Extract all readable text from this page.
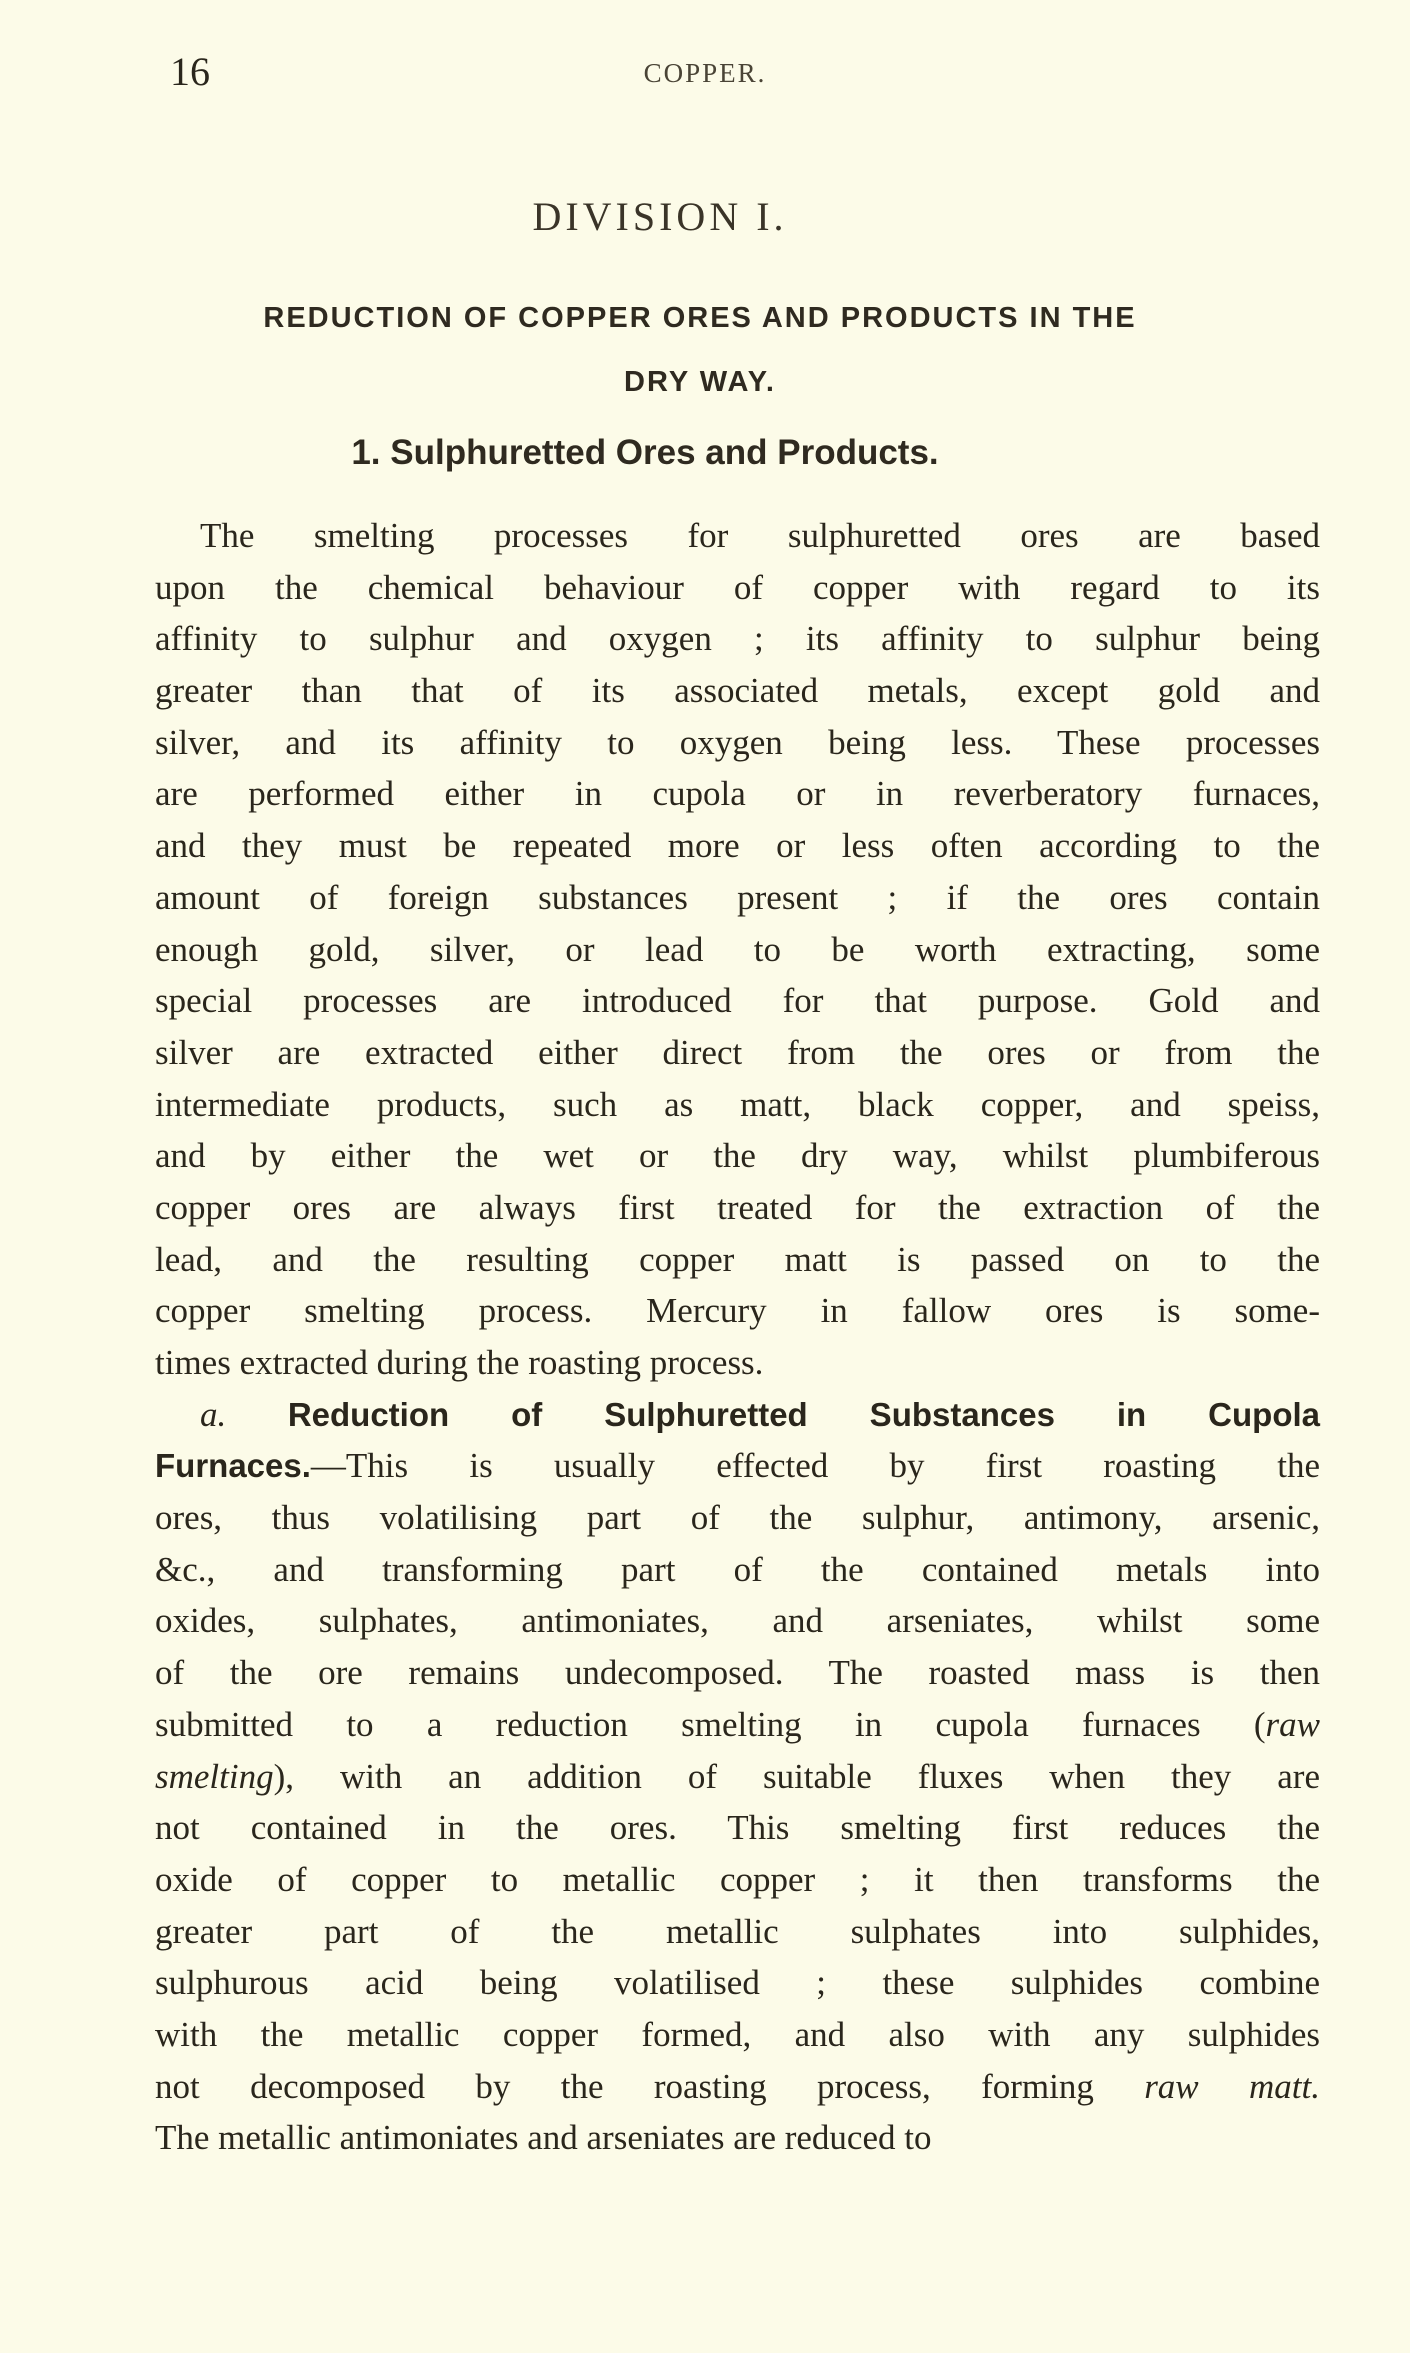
16	COPPER.
DIVISION I.
REDUCTION OF COPPER ORES AND PRODUCTS IN THE
DRY WAY.
1. Sulphuretted Ores and Products.
The smelting processes for sulphuretted ores are based
upon the chemical behaviour of copper with regard to its
affinity to sulphur and oxygen ; its affinity to sulphur being
greater than that of its associated metals, except gold and
silver, and its affinity to oxygen being less. These processes
are performed either in cupola or in reverberatory furnaces,
and they must be repeated more or less often according to the
amount of foreign substances present ; if the ores contain
enough gold, silver, or lead to be worth extracting, some
special processes are introduced for that purpose. Gold and
silver are extracted either direct from the ores or from the
intermediate products, such as matt, black copper, and speiss,
and by either the wet or the dry way, whilst plumbiferous
copper ores are always first treated for the extraction of the
lead, and the resulting copper matt is passed on to the
copper smelting process. Mercury in fallow ores is some-
times extracted during the roasting process.
a. Reduction of Sulphuretted Substances in Cupola
Furnaces.—This is usually effected by first roasting the
ores, thus volatilising part of the sulphur, antimony, arsenic,
&c., and transforming part of the contained metals into
oxides, sulphates, antimoniates, and arseniates, whilst some
of the ore remains undecomposed. The roasted mass is then
submitted to a reduction smelting in cupola furnaces (raw
smelting), with an addition of suitable fluxes when they are
not contained in the ores. This smelting first reduces the
oxide of copper to metallic copper ; it then transforms the
greater part of the metallic sulphates into sulphides,
sulphurous acid being volatilised ; these sulphides combine
with the metallic copper formed, and also with any sulphides
not decomposed by the roasting process, forming raw matt.
The metallic antimoniates and arseniates are reduced to
